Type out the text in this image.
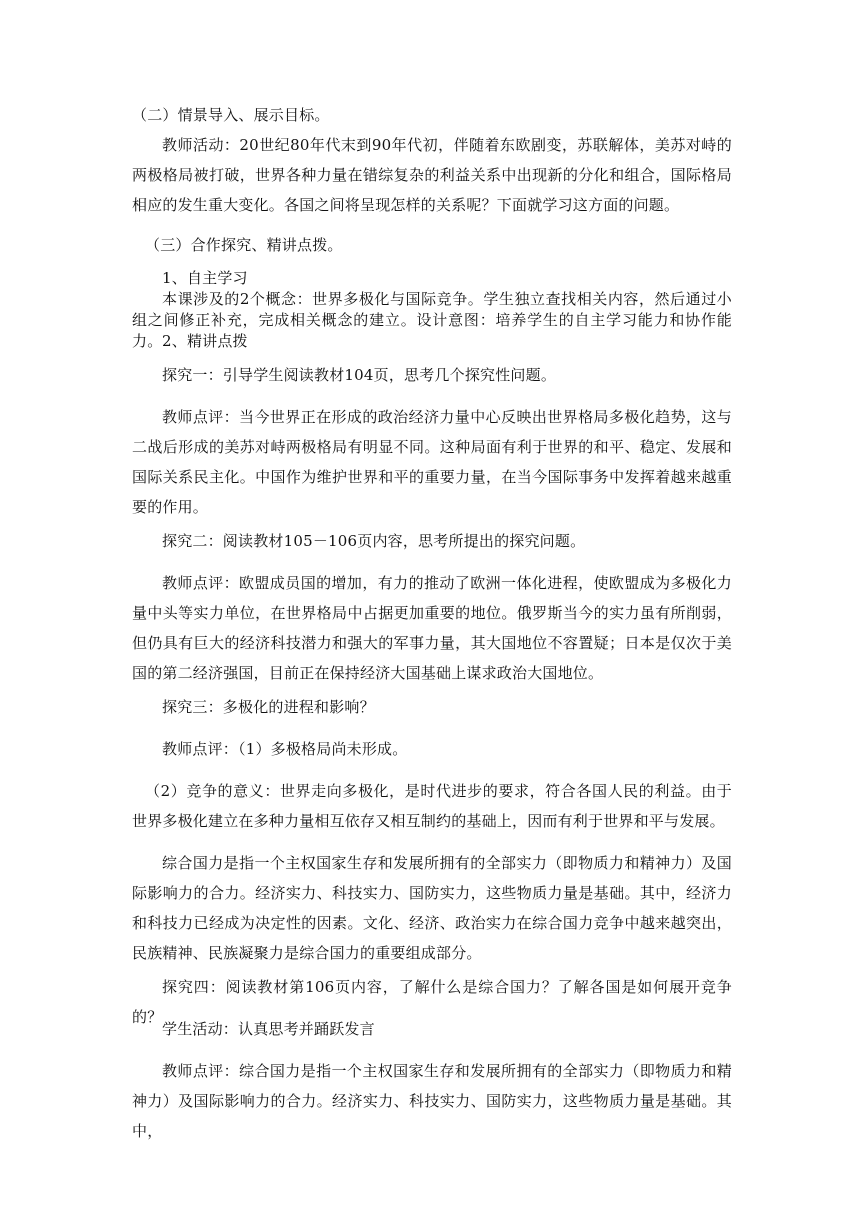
（二）情景导入、展示目标。

教师活动：20世纪80年代末到90年代初，伴随着东欧剧变，苏联解体，美苏对峙的两极格局被打破，世界各种力量在错综复杂的利益关系中出现新的分化和组合，国际格局相应的发生重大变化。各国之间将呈现怎样的关系呢？下面就学习这方面的问题。

（三）合作探究、精讲点拨。

1、自主学习

本课涉及的2个概念：世界多极化与国际竞争。学生独立查找相关内容，然后通过小组之间修正补充，完成相关概念的建立。设计意图：培养学生的自主学习能力和协作能力。 2、精讲点拨

探究一：引导学生阅读教材104页，思考几个探究性问题。

教师点评：当今世界正在形成的政治经济力量中心反映出世界格局多极化趋势，这与二战后形成的美苏对峙两极格局有明显不同。这种局面有利于世界的和平、稳定、发展和国际关系民主化。中国作为维护世界和平的重要力量，在当今国际事务中发挥着越来越重要的作用。

探究二：阅读教材105－106页内容，思考所提出的探究问题。

教师点评：欧盟成员国的增加，有力的推动了欧洲一体化进程，使欧盟成为多极化力量中头等实力单位，在世界格局中占据更加重要的地位。俄罗斯当今的实力虽有所削弱，但仍具有巨大的经济科技潜力和强大的军事力量，其大国地位不容置疑；日本是仅次于美国的第二经济强国，目前正在保持经济大国基础上谋求政治大国地位。

探究三：多极化的进程和影响？

教师点评：（1）多极格局尚未形成。

（2）竞争的意义：世界走向多极化，是时代进步的要求，符合各国人民的利益。由于世界多极化建立在多种力量相互依存又相互制约的基础上，因而有利于世界和平与发展。

综合国力是指一个主权国家生存和发展所拥有的全部实力（即物质力和精神力）及国际影响力的合力。经济实力、科技实力、国防实力，这些物质力量是基础。其中，经济力和科技力已经成为决定性的因素。文化、经济、政治实力在综合国力竞争中越来越突出，民族精神、民族凝聚力是综合国力的重要组成部分。

探究四：阅读教材第106页内容，了解什么是综合国力？了解各国是如何展开竞争的？

学生活动：认真思考并踊跃发言

教师点评：综合国力是指一个主权国家生存和发展所拥有的全部实力（即物质力和精神力）及国际影响力的合力。经济实力、科技实力、国防实力，这些物质力量是基础。其中，
